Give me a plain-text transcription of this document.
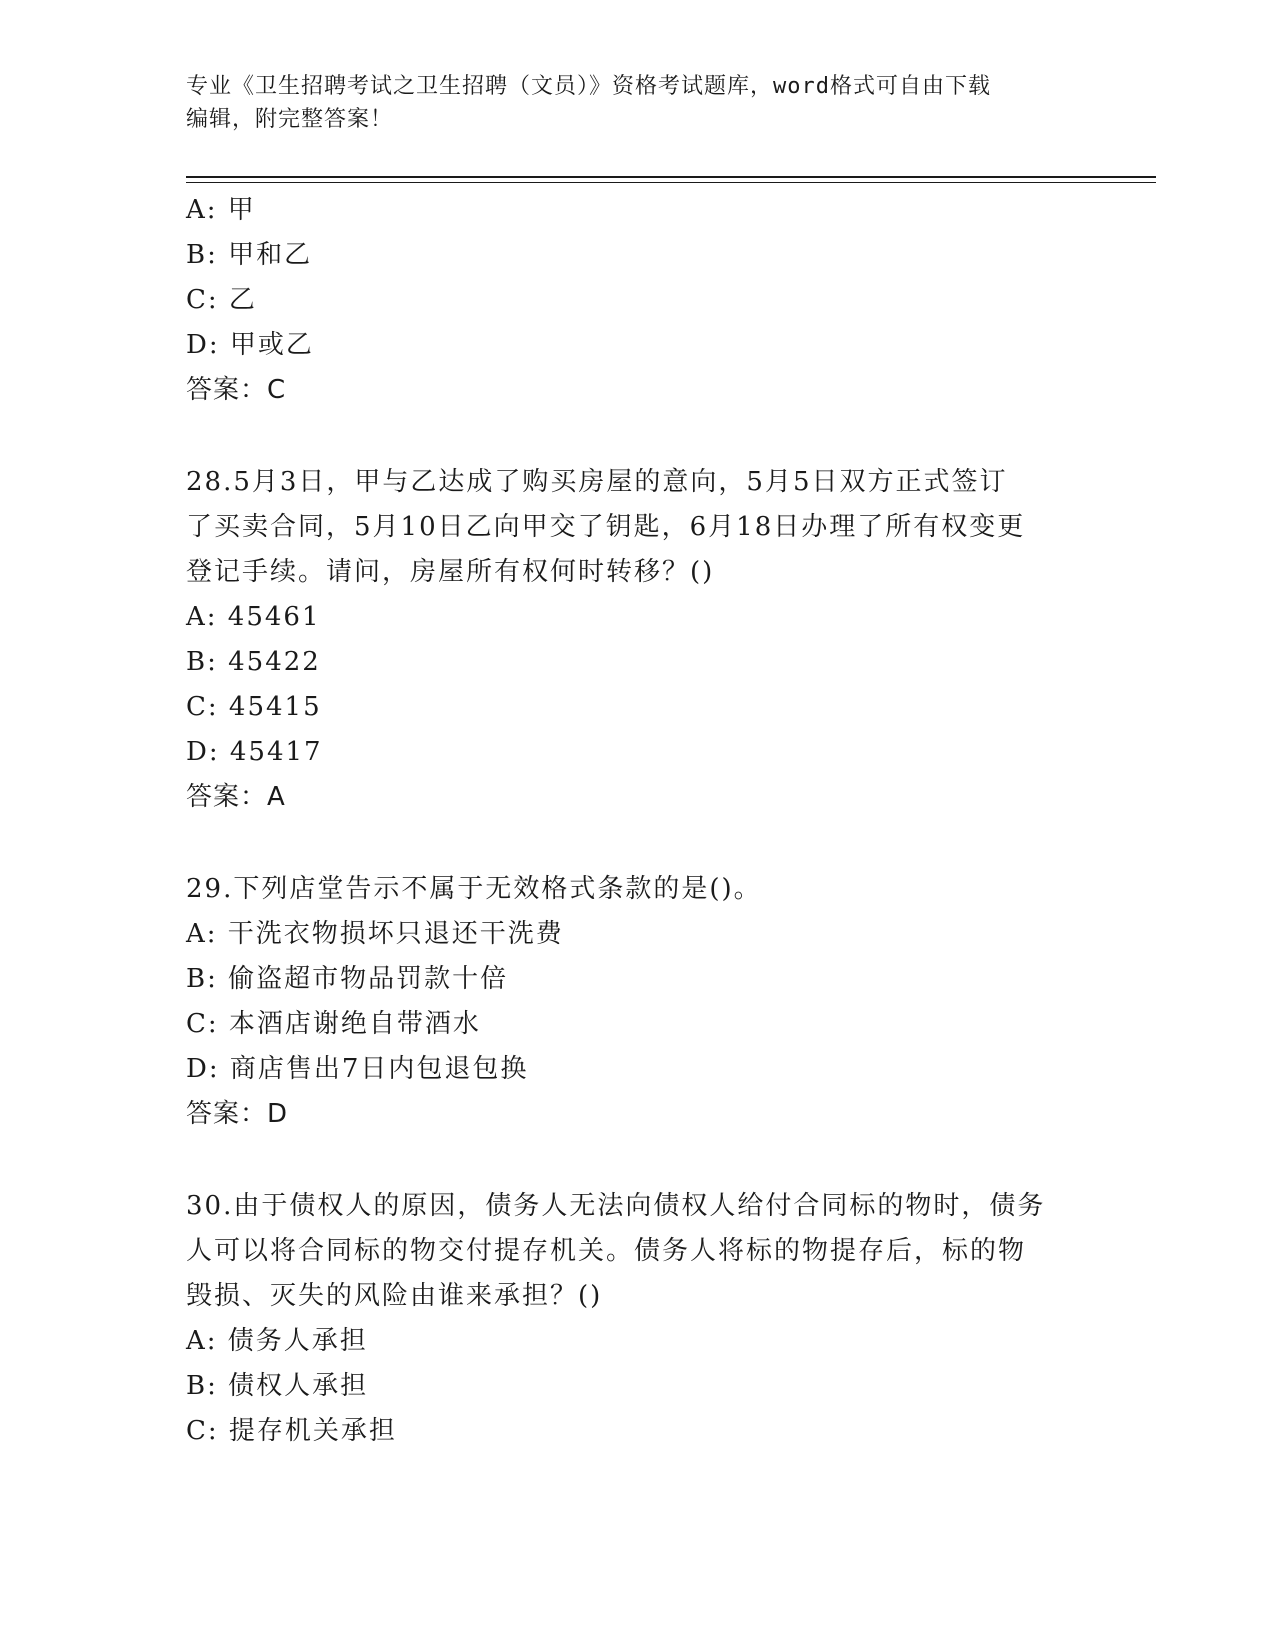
专业《卫生招聘考试之卫生招聘（文员）》资格考试题库，word格式可自由下载
编辑，附完整答案！
A: 甲
B: 甲和乙
C: 乙
D: 甲或乙
答案：C
28.5月3日，甲与乙达成了购买房屋的意向，5月5日双方正式签订
了买卖合同，5月10日乙向甲交了钥匙，6月18日办理了所有权变更
登记手续。请问，房屋所有权何时转移？()
A: 45461
B: 45422
C: 45415
D: 45417
答案：A
29.下列店堂告示不属于无效格式条款的是()。
A: 干洗衣物损坏只退还干洗费
B: 偷盗超市物品罚款十倍
C: 本酒店谢绝自带酒水
D: 商店售出7日内包退包换
答案：D
30.由于债权人的原因，债务人无法向债权人给付合同标的物时，债务
人可以将合同标的物交付提存机关。债务人将标的物提存后，标的物
毁损、灭失的风险由谁来承担？()
A: 债务人承担
B: 债权人承担
C: 提存机关承担
